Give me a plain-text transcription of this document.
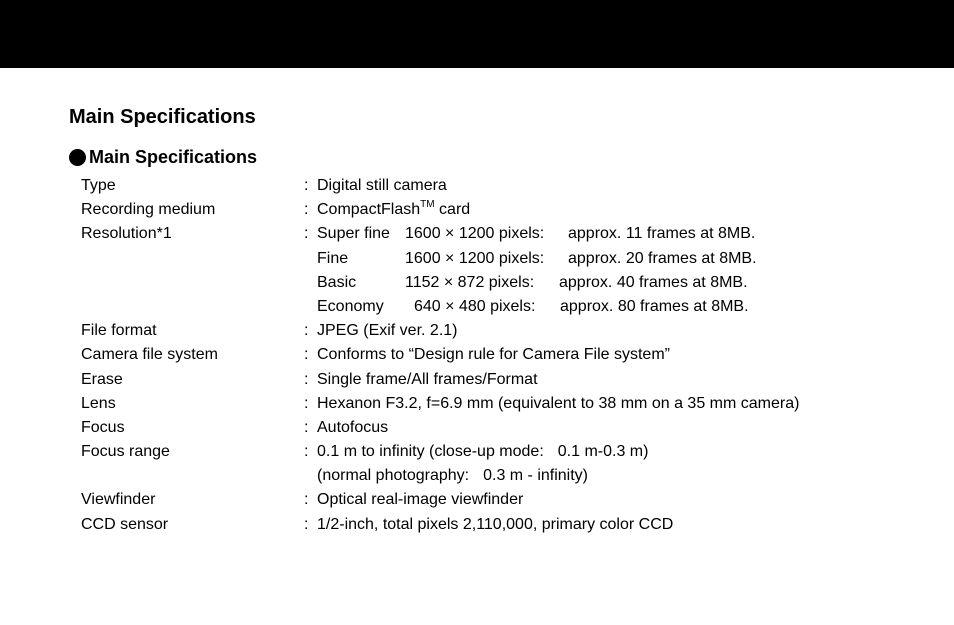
Main Specifications
Main Specifications
Type	: Digital still camera
Recording medium	: CompactFlash™ card
Resolution*1	: Super fine 1600 × 1200 pixels: approx. 11 frames at 8MB.
Fine	1600 × 1200 pixels: approx. 20 frames at 8MB.
Basic	1152 × 872 pixels: approx. 40 frames at 8MB.
Economy 640 × 480 pixels: approx. 80 frames at 8MB.
File format	: JPEG (Exif ver. 2.1)
Camera file system	: Conforms to “Design rule for Camera File system”
Erase	: Single frame/All frames/Format
Lens	: Hexanon F3.2, f=6.9 mm (equivalent to 38 mm on a 35 mm camera)
Focus	: Autofocus
Focus range	: 0.1 m to infinity (close-up mode: 0.1 m-0.3 m)
(normal photography: 0.3 m - infinity)
Viewfinder	: Optical real-image viewfinder
CCD sensor	: 1/2-inch, total pixels 2,110,000, primary color CCD
